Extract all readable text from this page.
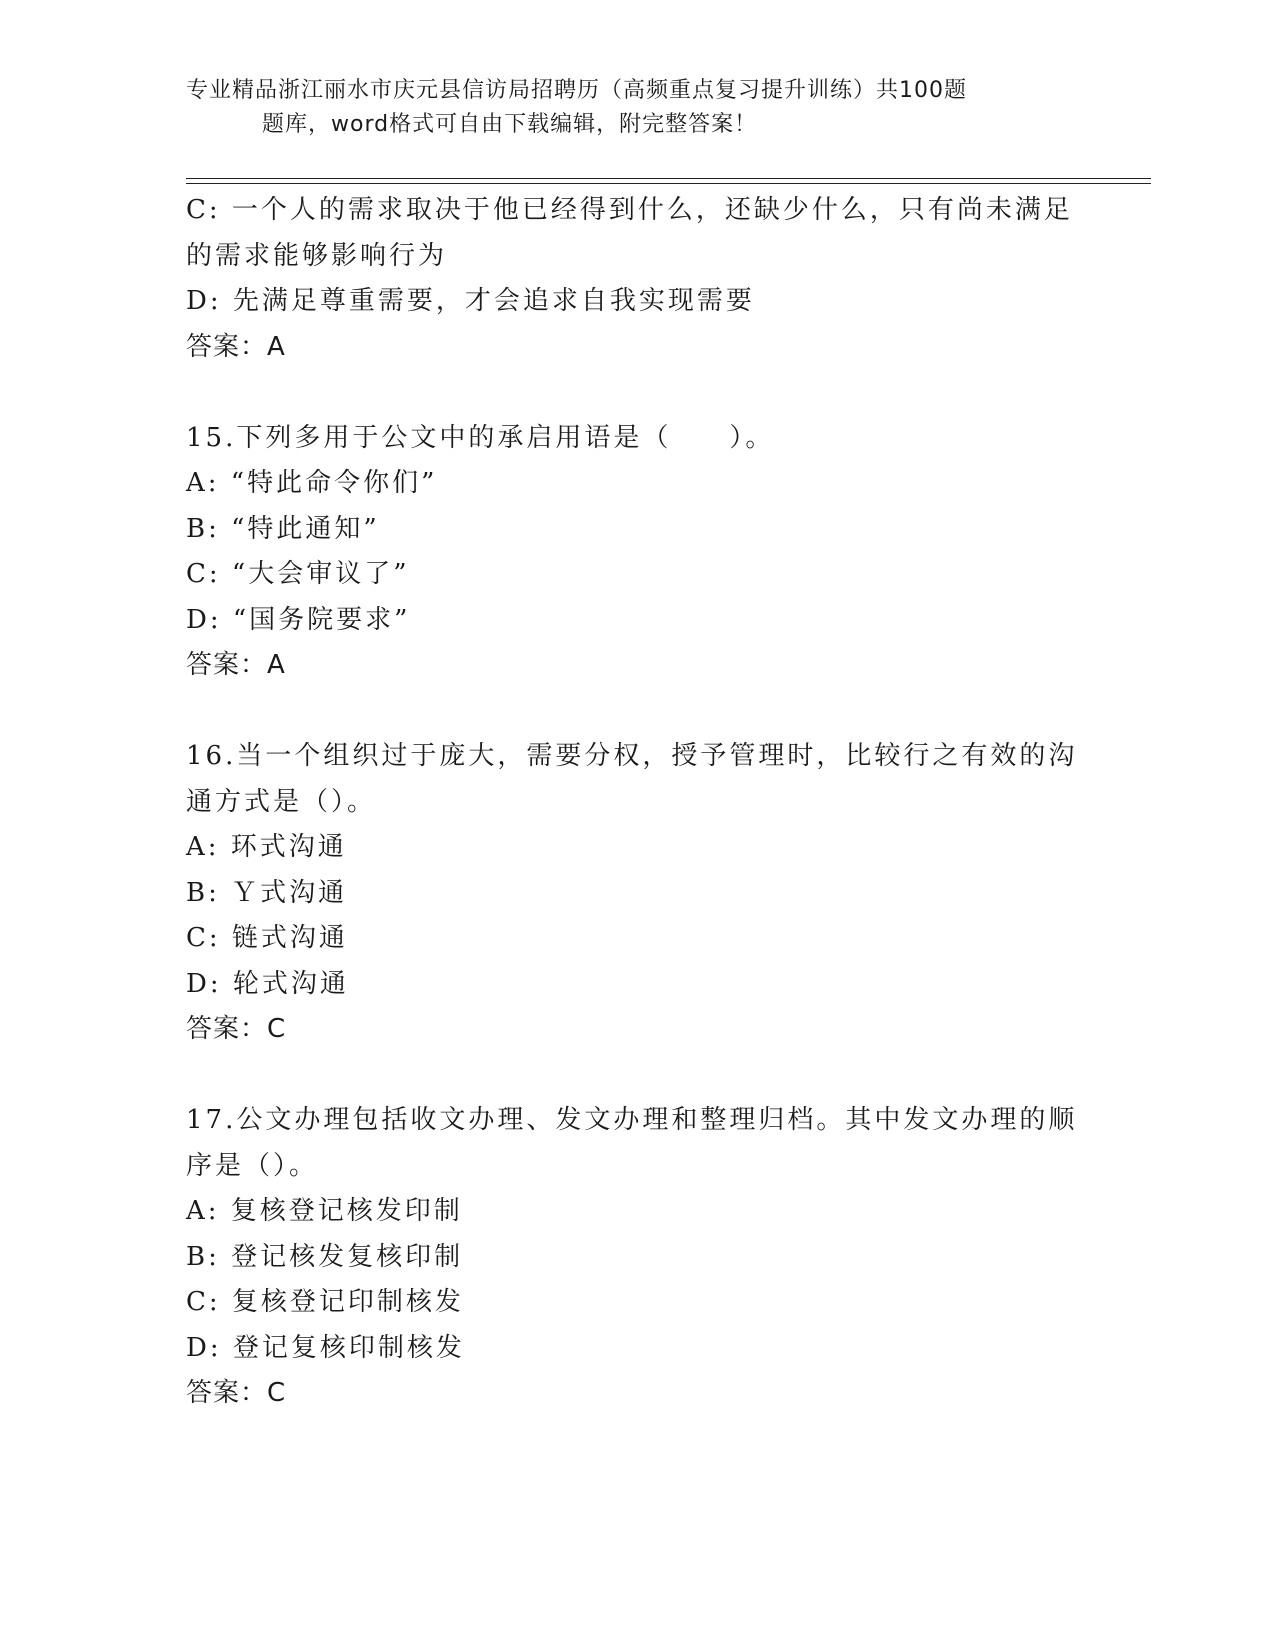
专业精品浙江丽水市庆元县信访局招聘历（高频重点复习提升训练）共100题
题库，word格式可自由下载编辑，附完整答案！
C: 一个人的需求取决于他已经得到什么，还缺少什么，只有尚未满足
的需求能够影响行为
D: 先满足尊重需要，才会追求自我实现需要
答案：A
15.下列多用于公文中的承启用语是（　　）。
A: “特此命令你们”
B: “特此通知”
C: “大会审议了”
D: “国务院要求”
答案：A
16.当一个组织过于庞大，需要分权，授予管理时，比较行之有效的沟
通方式是（）。
A: 环式沟通
B: Ｙ式沟通
C: 链式沟通
D: 轮式沟通
答案：C
17.公文办理包括收文办理、发文办理和整理归档。其中发文办理的顺
序是（）。
A: 复核登记核发印制
B: 登记核发复核印制
C: 复核登记印制核发
D: 登记复核印制核发
答案：C
